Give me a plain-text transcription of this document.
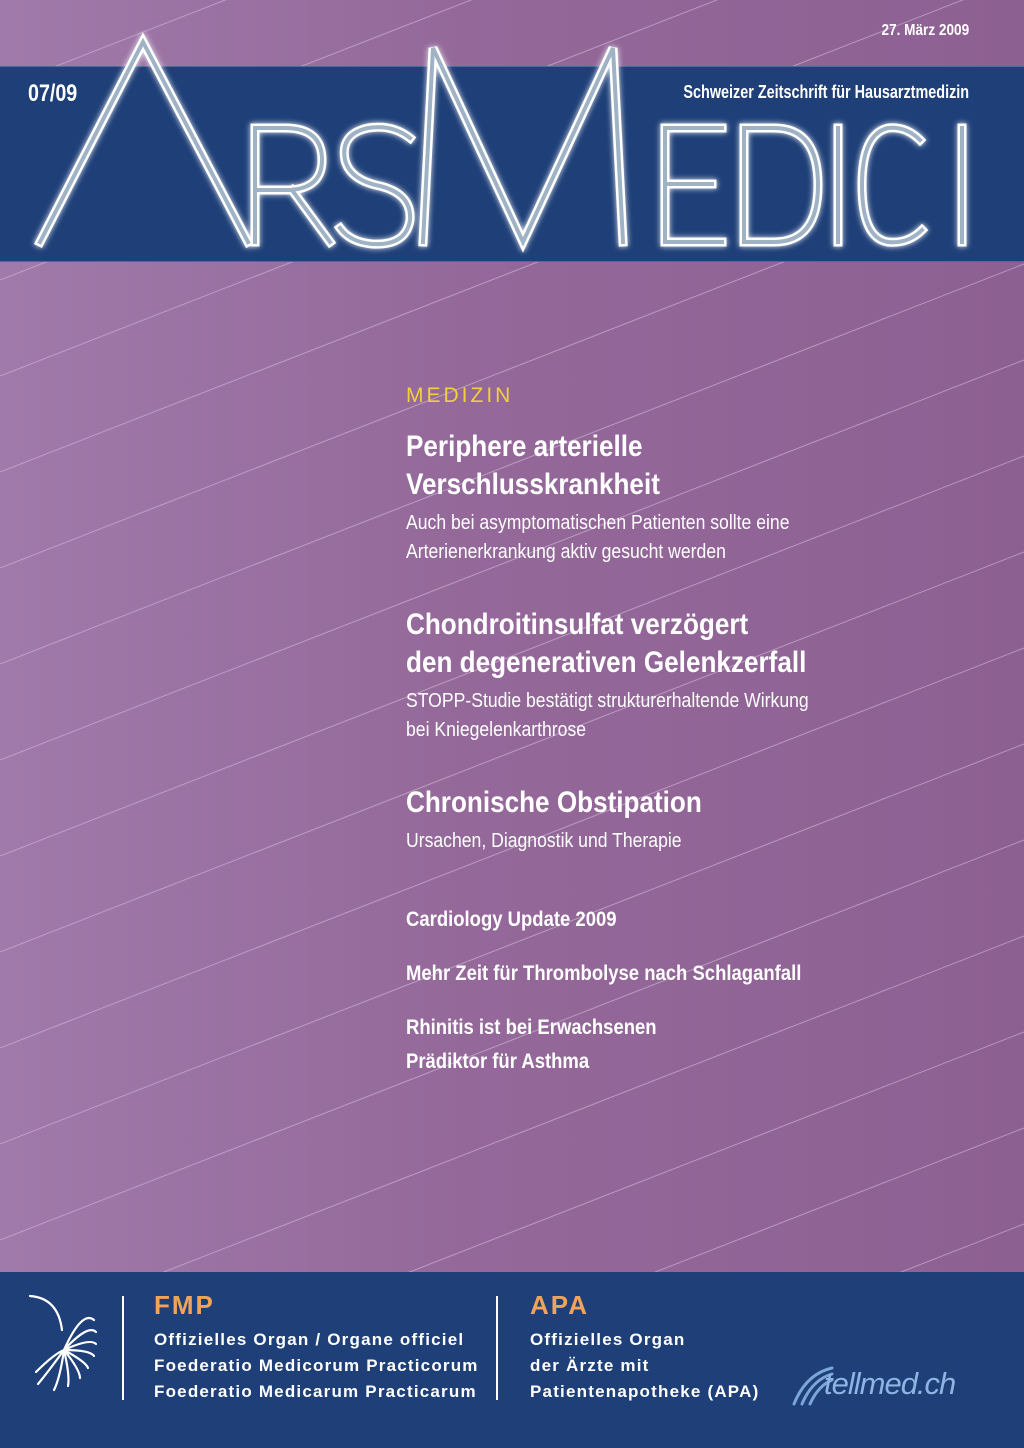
27. März 2009
07/09	Schweizer Zeitschrift für Hausarztmedizin
MEDIZIN
Periphere arterielle
Verschlusskrankheit
Auch bei asymptomatischen Patienten sollte eine
Arterienerkrankung aktiv gesucht werden
Chondroitinsulfat verzögert
den degenerativen Gelenkzerfall
STOPP-Studie bestätigt strukturerhaltende Wirkung
bei Kniegelenkarthrose
Chronische Obstipation
Ursachen, Diagnostik und Therapie
Cardiology Update 2009
Mehr Zeit für Thrombolyse nach Schlaganfall
Rhinitis ist bei Erwachsenen
Prädiktor für Asthma
FMP
Offizielles Organ / Organe officiel
Foederatio Medicorum Practicorum
Foederatio Medicarum Practicarum
APA
Offizielles Organ
der Ärzte mit
Patientenapotheke (APA) tellmed.ch
